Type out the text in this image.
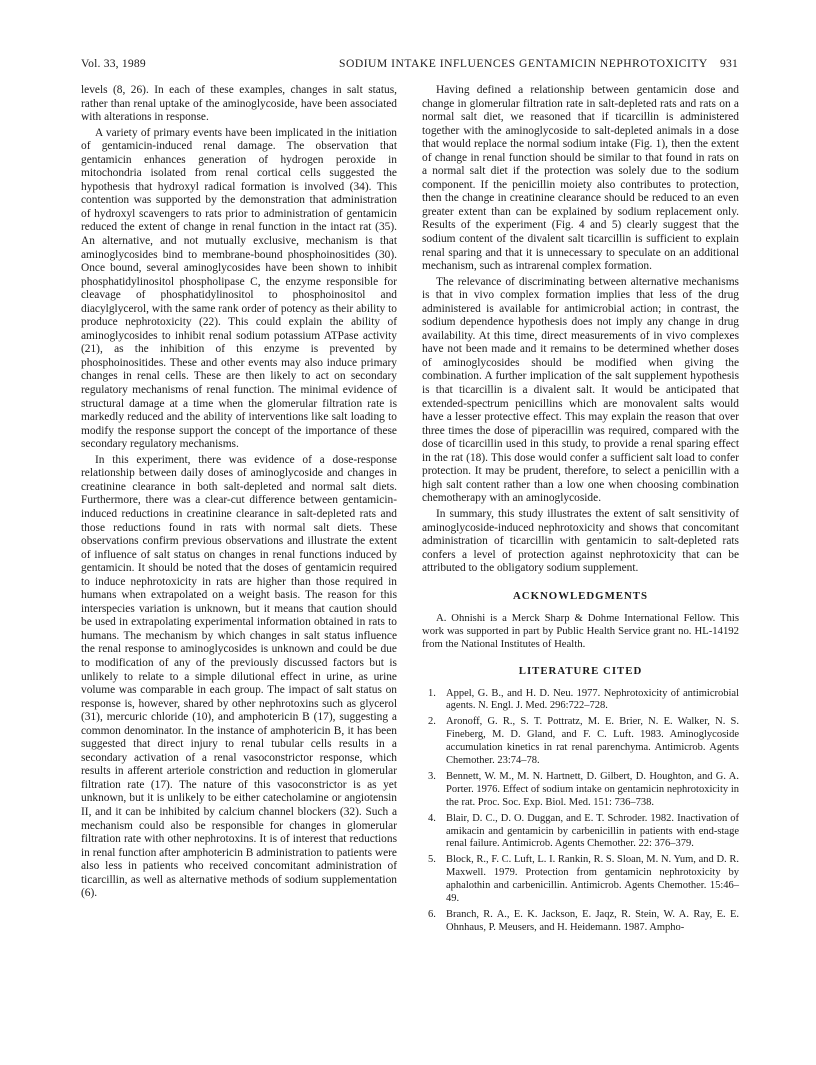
Vol. 33, 1989	SODIUM INTAKE INFLUENCES GENTAMICIN NEPHROTOXICITY 931

levels (8, 26). In each of these examples, changes in salt status, rather than renal uptake of the aminoglycoside, have been associated with alterations in response.

A variety of primary events have been implicated in the initiation of gentamicin-induced renal damage. The observation that gentamicin enhances generation of hydrogen peroxide in mitochondria isolated from renal cortical cells suggested the hypothesis that hydroxyl radical formation is involved (34). This contention was supported by the demonstration that administration of hydroxyl scavengers to rats prior to administration of gentamicin reduced the extent of change in renal function in the intact rat (35). An alternative, and not mutually exclusive, mechanism is that aminoglycosides bind to membrane-bound phosphoinositides (30). Once bound, several aminoglycosides have been shown to inhibit phosphatidylinositol phospholipase C, the enzyme responsible for cleavage of phosphatidylinositol to phosphoinositol and diacylglycerol, with the same rank order of potency as their ability to produce nephrotoxicity (22). This could explain the ability of aminoglycosides to inhibit renal sodium potassium ATPase activity (21), as the inhibition of this enzyme is prevented by phosphoinositides. These and other events may also induce primary changes in renal cells. These are then likely to act on secondary regulatory mechanisms of renal function. The minimal evidence of structural damage at a time when the glomerular filtration rate is markedly reduced and the ability of interventions like salt loading to modify the response support the concept of the importance of these secondary regulatory mechanisms.

In this experiment, there was evidence of a dose-response relationship between daily doses of aminoglycoside and changes in creatinine clearance in both salt-depleted and normal salt diets. Furthermore, there was a clear-cut difference between gentamicin-induced reductions in creatinine clearance in salt-depleted rats and those reductions found in rats with normal salt diets. These observations confirm previous observations and illustrate the extent of influence of salt status on changes in renal functions induced by gentamicin. It should be noted that the doses of gentamicin required to induce nephrotoxicity in rats are higher than those required in humans when extrapolated on a weight basis. The reason for this interspecies variation is unknown, but it means that caution should be used in extrapolating experimental information obtained in rats to humans. The mechanism by which changes in salt status influence the renal response to aminoglycosides is unknown and could be due to modification of any of the previously discussed factors but is unlikely to relate to a simple dilutional effect in urine, as urine volume was comparable in each group. The impact of salt status on response is, however, shared by other nephrotoxins such as glycerol (31), mercuric chloride (10), and amphotericin B (17), suggesting a common denominator. In the instance of amphotericin B, it has been suggested that direct injury to renal tubular cells results in a secondary activation of a renal vasoconstrictor response, which results in afferent arteriole constriction and reduction in glomerular filtration rate (17). The nature of this vasoconstrictor is as yet unknown, but it is unlikely to be either catecholamine or angiotensin II, and it can be inhibited by calcium channel blockers (32). Such a mechanism could also be responsible for changes in glomerular filtration rate with other nephrotoxins. It is of interest that reductions in renal function after amphotericin B administration to patients were also less in patients who received concomitant administration of ticarcillin, as well as alternative methods of sodium supplementation (6).

Having defined a relationship between gentamicin dose and change in glomerular filtration rate in salt-depleted rats and rats on a normal salt diet, we reasoned that if ticarcillin is administered together with the aminoglycoside to salt-depleted animals in a dose that would replace the normal sodium intake (Fig. 1), then the extent of change in renal function should be similar to that found in rats on a normal salt diet if the protection was solely due to the sodium component. If the penicillin moiety also contributes to protection, then the change in creatinine clearance should be reduced to an even greater extent than can be explained by sodium replacement only. Results of the experiment (Fig. 4 and 5) clearly suggest that the sodium content of the divalent salt ticarcillin is sufficient to explain renal sparing and that it is unnecessary to speculate on an additional mechanism, such as intrarenal complex formation.

The relevance of discriminating between alternative mechanisms is that in vivo complex formation implies that less of the drug administered is available for antimicrobial action; in contrast, the sodium dependence hypothesis does not imply any change in drug availability. At this time, direct measurements of in vivo complexes have not been made and it remains to be determined whether doses of aminoglycosides should be modified when giving the combination. A further implication of the salt supplement hypothesis is that ticarcillin is a divalent salt. It would be anticipated that extended-spectrum penicillins which are monovalent salts would have a lesser protective effect. This may explain the reason that over three times the dose of piperacillin was required, compared with the dose of ticarcillin used in this study, to provide a renal sparing effect in the rat (18). This dose would confer a sufficient salt load to confer protection. It may be prudent, therefore, to select a penicillin with a high salt content rather than a low one when choosing combination chemotherapy with an aminoglycoside.

In summary, this study illustrates the extent of salt sensitivity of aminoglycoside-induced nephrotoxicity and shows that concomitant administration of ticarcillin with gentamicin to salt-depleted rats confers a level of protection against nephrotoxicity that can be attributed to the obligatory sodium supplement.

ACKNOWLEDGMENTS

A. Ohnishi is a Merck Sharp & Dohme International Fellow. This work was supported in part by Public Health Service grant no. HL-14192 from the National Institutes of Health.

LITERATURE CITED
1. Appel, G. B., and H. D. Neu. 1977. Nephrotoxicity of antimicrobial agents. N. Engl. J. Med. 296:722–728.
2. Aronoff, G. R., S. T. Pottratz, M. E. Brier, N. E. Walker, N. S. Fineberg, M. D. Gland, and F. C. Luft. 1983. Aminoglycoside accumulation kinetics in rat renal parenchyma. Antimicrob. Agents Chemother. 23:74–78.
3. Bennett, W. M., M. N. Hartnett, D. Gilbert, D. Houghton, and G. A. Porter. 1976. Effect of sodium intake on gentamicin nephrotoxicity in the rat. Proc. Soc. Exp. Biol. Med. 151: 736–738.
4. Blair, D. C., D. O. Duggan, and E. T. Schroder. 1982. Inactivation of amikacin and gentamicin by carbenicillin in patients with end-stage renal failure. Antimicrob. Agents Chemother. 22: 376–379.
5. Block, R., F. C. Luft, L. I. Rankin, R. S. Sloan, M. N. Yum, and D. R. Maxwell. 1979. Protection from gentamicin nephrotoxicity by aphalothin and carbenicillin. Antimicrob. Agents Chemother. 15:46–49.
6. Branch, R. A., E. K. Jackson, E. Jaqz, R. Stein, W. A. Ray, E. E. Ohnhaus, P. Meusers, and H. Heidemann. 1987. Ampho-
